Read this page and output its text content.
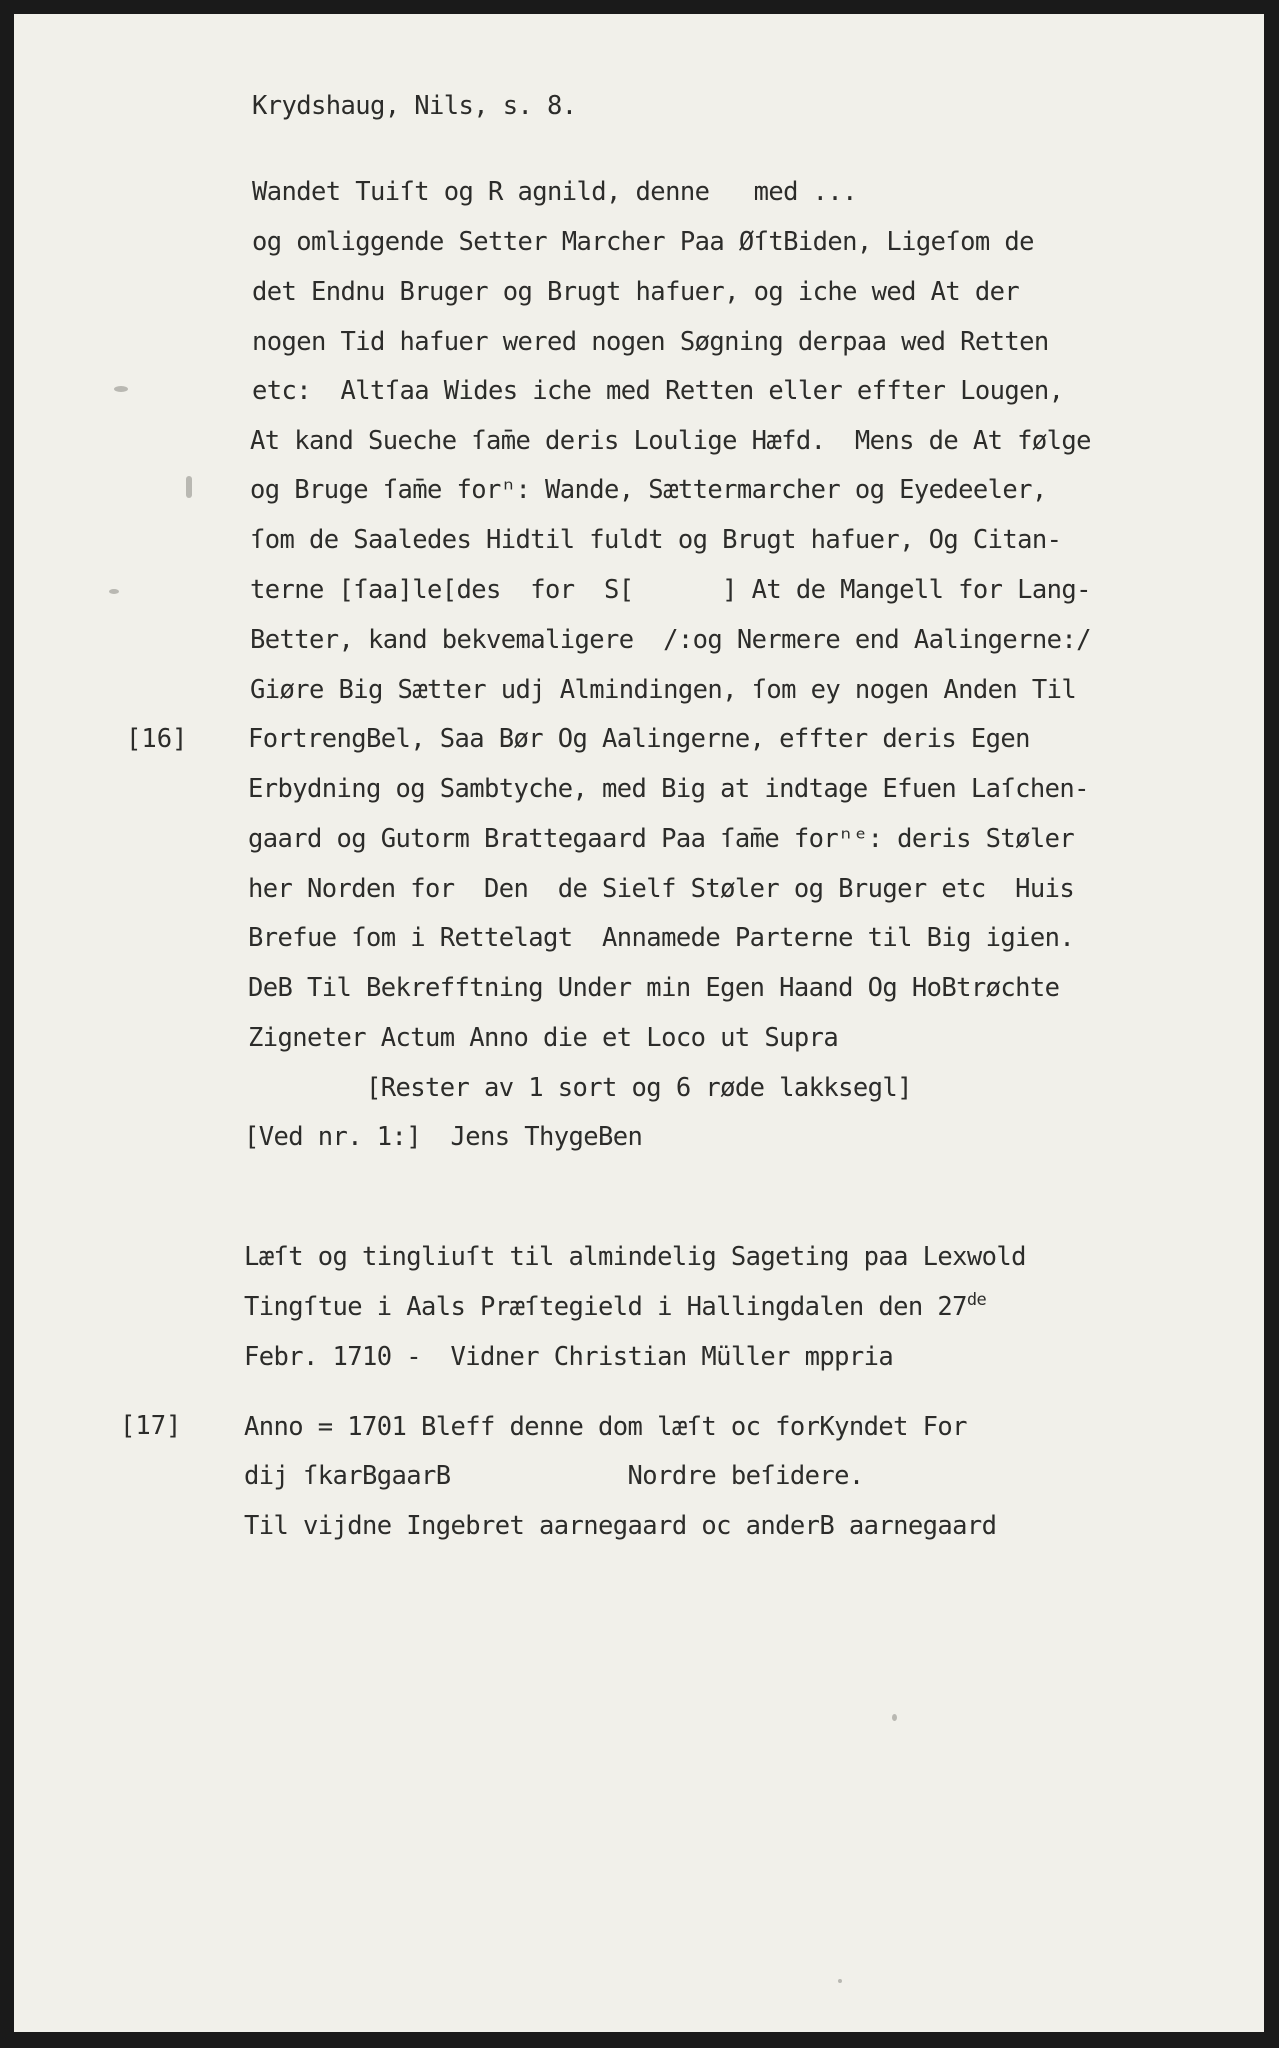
Krydshaug, Nils, s. 8.
Wandet Tuiſt og R agnild, denne   med ...
og omliggende Setter Marcher Paa ØſtBiden, Ligeſom de
det Endnu Bruger og Brugt hafuer, og iche wed At der
nogen Tid hafuer wered nogen Søgning derpaa wed Retten
etc:  Altſaa Wides iche med Retten eller effter Lougen,
At kand Sueche ſam̄e deris Loulige Hæfd.  Mens de At følge
og Bruge ſam̄e forⁿ: Wande, Sættermarcher og Eyedeeler,
ſom de Saaledes Hidtil fuldt og Brugt hafuer, Og Citan-
terne [ſaa]le[des  for  S[      ] At de Mangell for Lang-
Better, kand bekvemaligere  /:og Nermere end Aalingerne:/
Giøre Big Sætter udj Almindingen, ſom ey nogen Anden Til
[16] FortrengBel, Saa Bør Og Aalingerne, effter deris Egen
Erbydning og Sambtyche, med Big at indtage Efuen Laſchen-
gaard og Gutorm Brattegaard Paa ſam̄e forⁿᵉ: deris Støler
her Norden for  Den  de Sielf Støler og Bruger etc  Huis
Brefue ſom i Rettelagt  Annamede Parterne til Big igien.
DeB Til Bekrefftning Under min Egen Haand Og HoBtrøchte
Zigneter Actum Anno die et Loco ut Supra
[Rester av 1 sort og 6 røde lakksegl]
[Ved nr. 1:]  Jens ThygeBen
Læſt og tingliuſt til almindelig Sageting paa Lexwold
Tingſtue i Aals Præſtegield i Hallingdalen den 27de
Febr. 1710 -  Vidner Christian Müller mppria
[17] Anno = 1701 Bleff denne dom læſt oc forKyndet For
dij ſkarBgaarB            Nordre beſidere.
Til vijdne Ingebret aarnegaard oc anderB aarnegaard
